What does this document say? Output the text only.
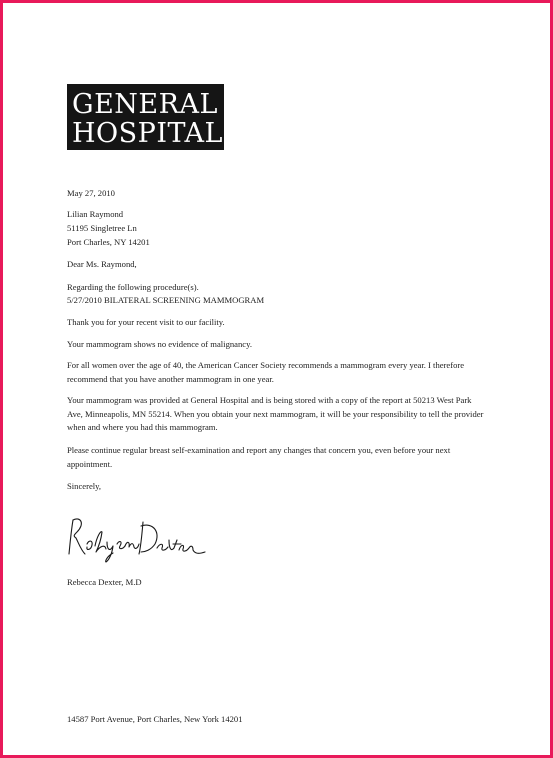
GENERAL
HOSPITAL
May 27, 2010
Lilian Raymond
51195 Singletree Ln
Port Charles, NY 14201
Dear Ms. Raymond,
Regarding the following procedure(s).
5/27/2010 BILATERAL SCREENING MAMMOGRAM
Thank you for your recent visit to our facility.
Your mammogram shows no evidence of malignancy.
For all women over the age of 40, the American Cancer Society recommends a mammogram every year. I therefore recommend that you have another mammogram in one year.
Your mammogram was provided at General Hospital and is being stored with a copy of the report at 50213 West Park Ave, Minneapolis, MN 55214. When you obtain your next mammogram, it will be your responsibility to tell the provider when and where you had this mammogram.
Please continue regular breast self-examination and report any changes that concern you, even before your next appointment.
Sincerely,
Rebecca Dexter, M.D
14587 Port Avenue, Port Charles, New York 14201
